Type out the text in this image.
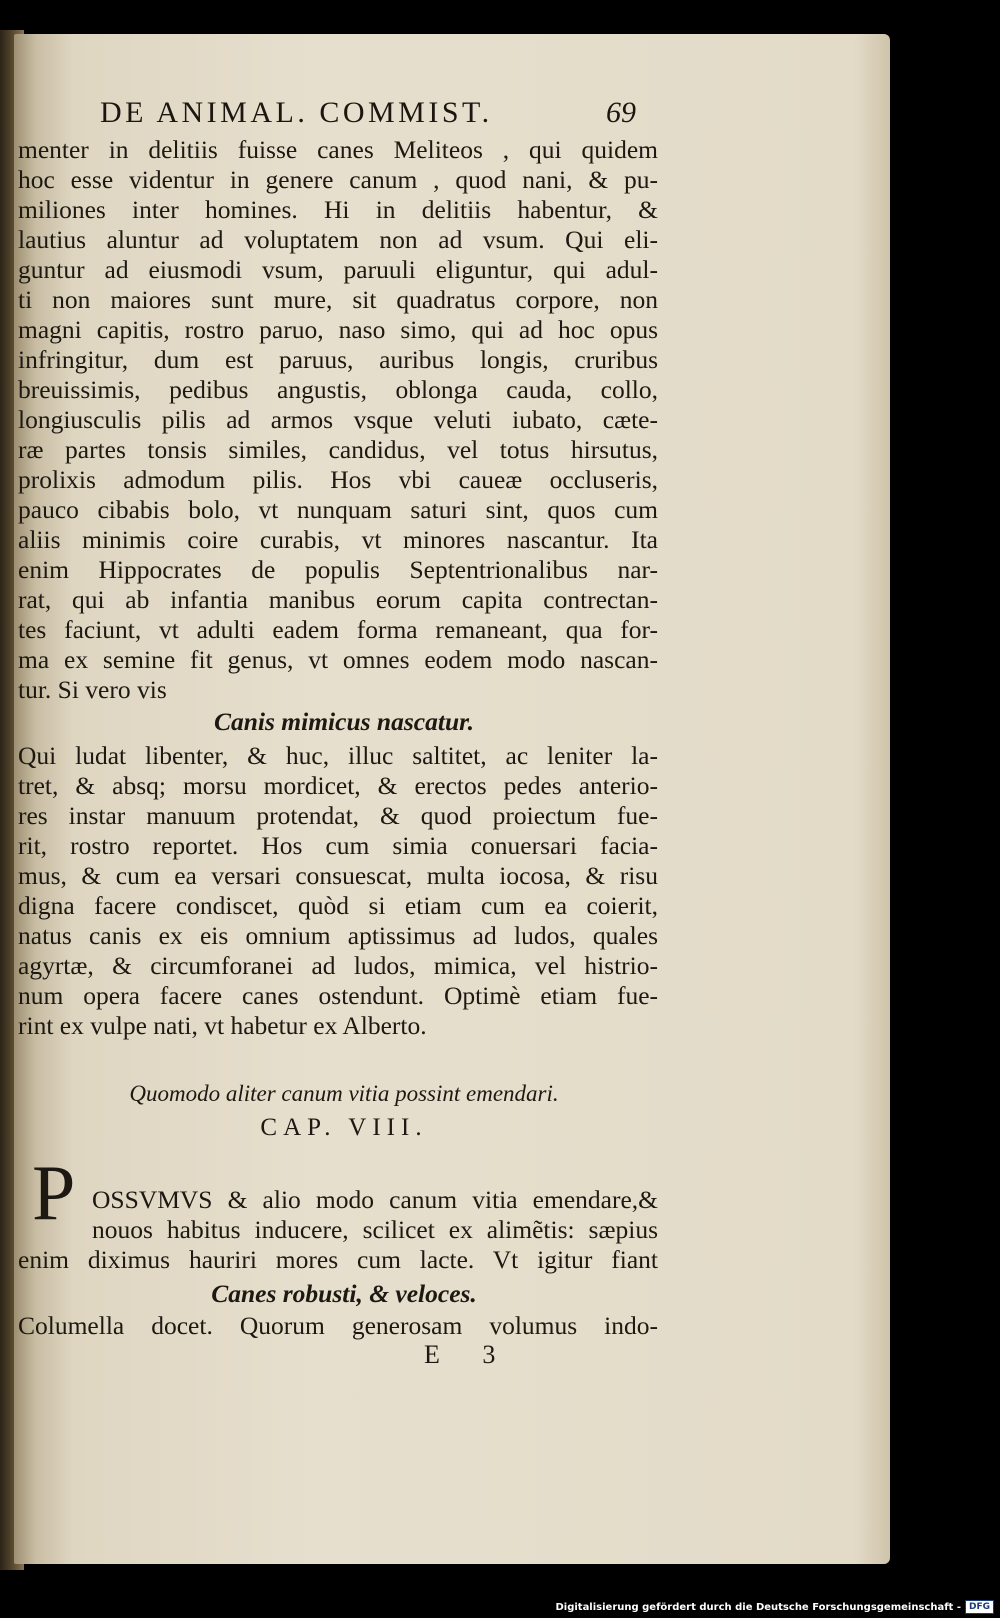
DE ANIMAL. COMMIST.	69
menter in delitiis fuisse canes Meliteos , qui quidem
hoc esse videntur in genere canum , quod nani, & pu-
miliones inter homines. Hi in delitiis habentur, &
lautius aluntur ad voluptatem non ad vsum. Qui eli-
guntur ad eiusmodi vsum, paruuli eliguntur, qui adul-
ti non maiores sunt mure, sit quadratus corpore, non
magni capitis, rostro paruo, naso simo, qui ad hoc opus
infringitur, dum est paruus, auribus longis, cruribus
breuissimis, pedibus angustis, oblonga cauda, collo,
longiusculis pilis ad armos vsque veluti iubato, cæte-
ræ partes tonsis similes, candidus, vel totus hirsutus,
prolixis admodum pilis. Hos vbi caueæ occluseris,
pauco cibabis bolo, vt nunquam saturi sint, quos cum
aliis minimis coire curabis, vt minores nascantur. Ita
enim Hippocrates de populis Septentrionalibus nar-
rat, qui ab infantia manibus eorum capita contrectan-
tes faciunt, vt adulti eadem forma remaneant, qua for-
ma ex semine fit genus, vt omnes eodem modo nascan-
tur. Si vero vis
Canis mimicus nascatur.
Qui ludat libenter, & huc, illuc saltitet, ac leniter la-
tret, & absq; morsu mordicet, & erectos pedes anterio-
res instar manuum protendat, & quod proiectum fue-
rit, rostro reportet. Hos cum simia conuersari facia-
mus, & cum ea versari consuescat, multa iocosa, & risu
digna facere condiscet, quòd si etiam cum ea coierit,
natus canis ex eis omnium aptissimus ad ludos, quales
agyrtæ, & circumforanei ad ludos, mimica, vel histrio-
num opera facere canes ostendunt. Optimè etiam fue-
rint ex vulpe nati, vt habetur ex Alberto.
Quomodo aliter canum vitia possint emendari.
CAP. VIII.
OSSVMVS & alio modo canum vitia emendare,&
nouos habitus inducere, scilicet ex alimẽtis: sæpius
enim diximus hauriri mores cum lacte. Vt igitur fiant
Canes robusti, & veloces.
Columella docet. Quorum generosam volumus indo-
P
E 3
Digitalisierung gefördert durch die Deutsche Forschungsgemeinschaft - DFG
